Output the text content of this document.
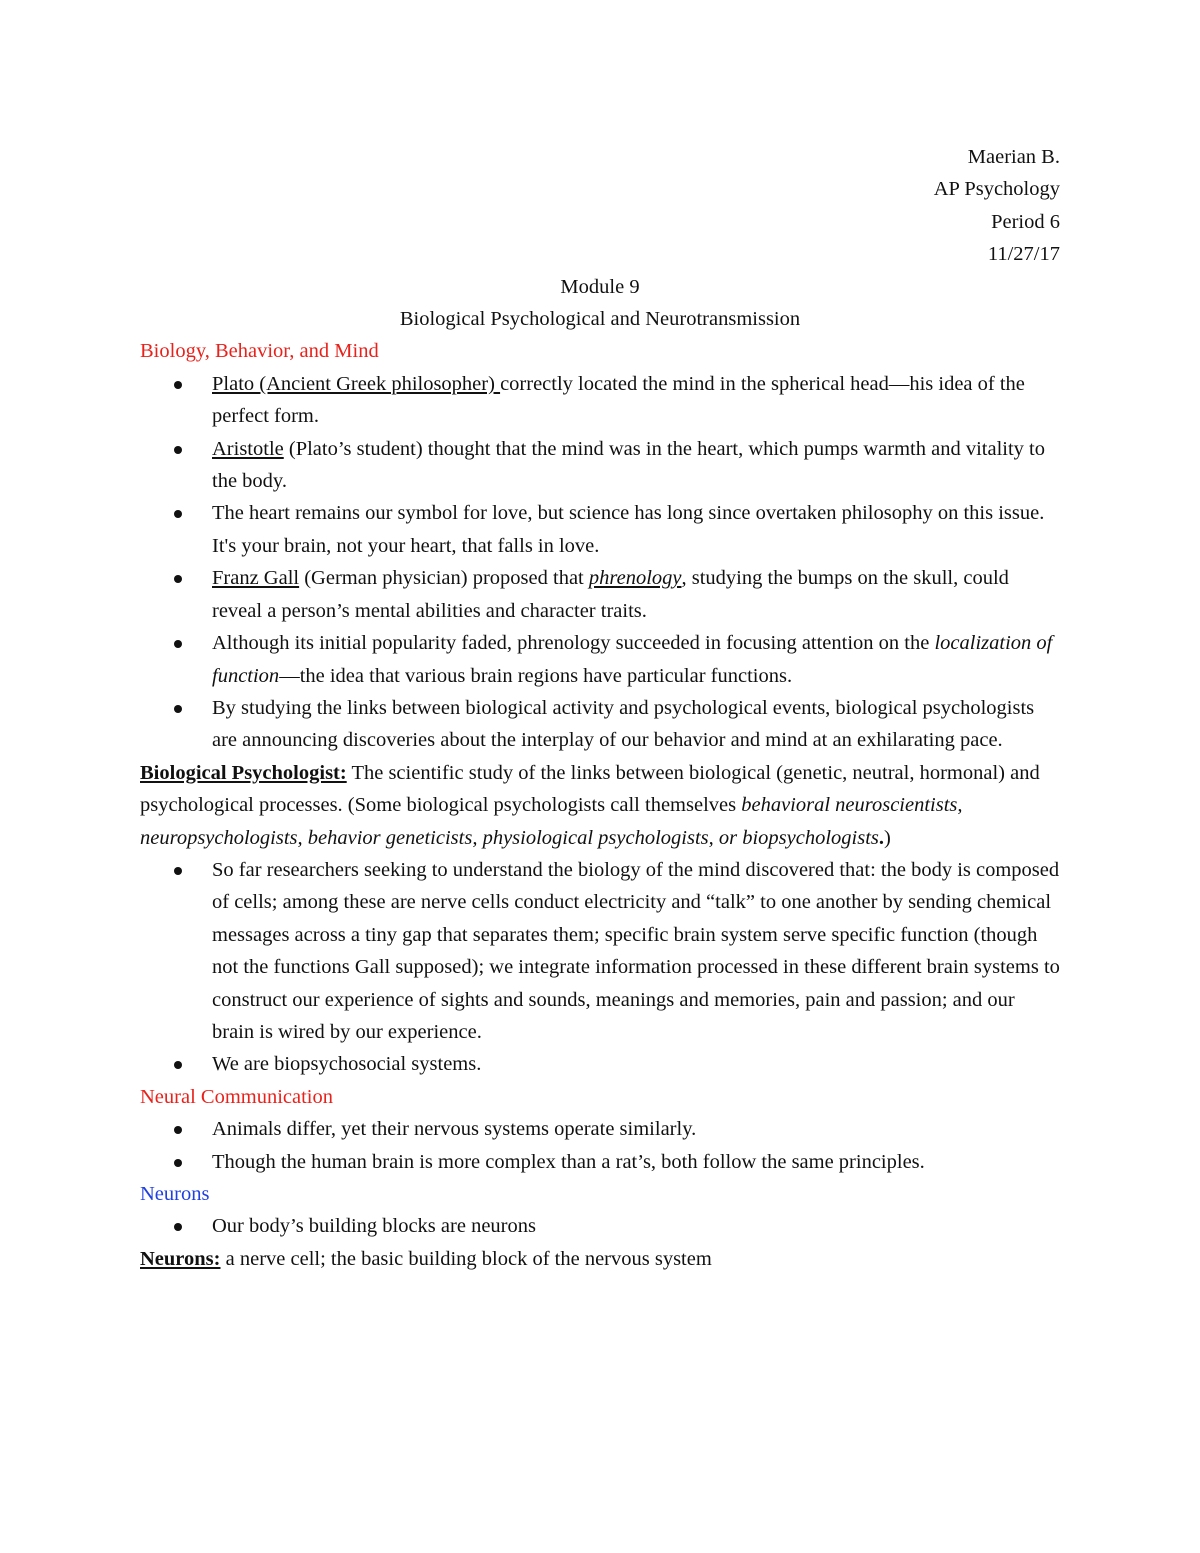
Maerian B.

AP Psychology

Period 6

11/27/17

Module 9

Biological Psychological and Neurotransmission

Biology, Behavior, and Mind

Plato (Ancient Greek philosopher) correctly located the mind in the spherical head—his idea of the perfect form.
Aristotle (Plato’s student) thought that the mind was in the heart, which pumps warmth and vitality to the body.
The heart remains our symbol for love, but science has long since overtaken philosophy on this issue. It's your brain, not your heart, that falls in love.
Franz Gall (German physician) proposed that phrenology, studying the bumps on the skull, could reveal a person’s mental abilities and character traits.
Although its initial popularity faded, phrenology succeeded in focusing attention on the localization of function—the idea that various brain regions have particular functions.
By studying the links between biological activity and psychological events, biological psychologists are announcing discoveries about the interplay of our behavior and mind at an exhilarating pace.

Biological Psychologist: The scientific study of the links between biological (genetic, neutral, hormonal) and psychological processes. (Some biological psychologists call themselves behavioral neuroscientists, neuropsychologists, behavior geneticists, physiological psychologists, or biopsychologists.)

So far researchers seeking to understand the biology of the mind discovered that: the body is composed of cells; among these are nerve cells conduct electricity and “talk” to one another by sending chemical messages across a tiny gap that separates them; specific brain system serve specific function (though not the functions Gall supposed); we integrate information processed in these different brain systems to construct our experience of sights and sounds, meanings and memories, pain and passion; and our brain is wired by our experience.
We are biopsychosocial systems.

Neural Communication

Animals differ, yet their nervous systems operate similarly.
Though the human brain is more complex than a rat’s, both follow the same principles.

Neurons

Our body’s building blocks are neurons

Neurons: a nerve cell; the basic building block of the nervous system
